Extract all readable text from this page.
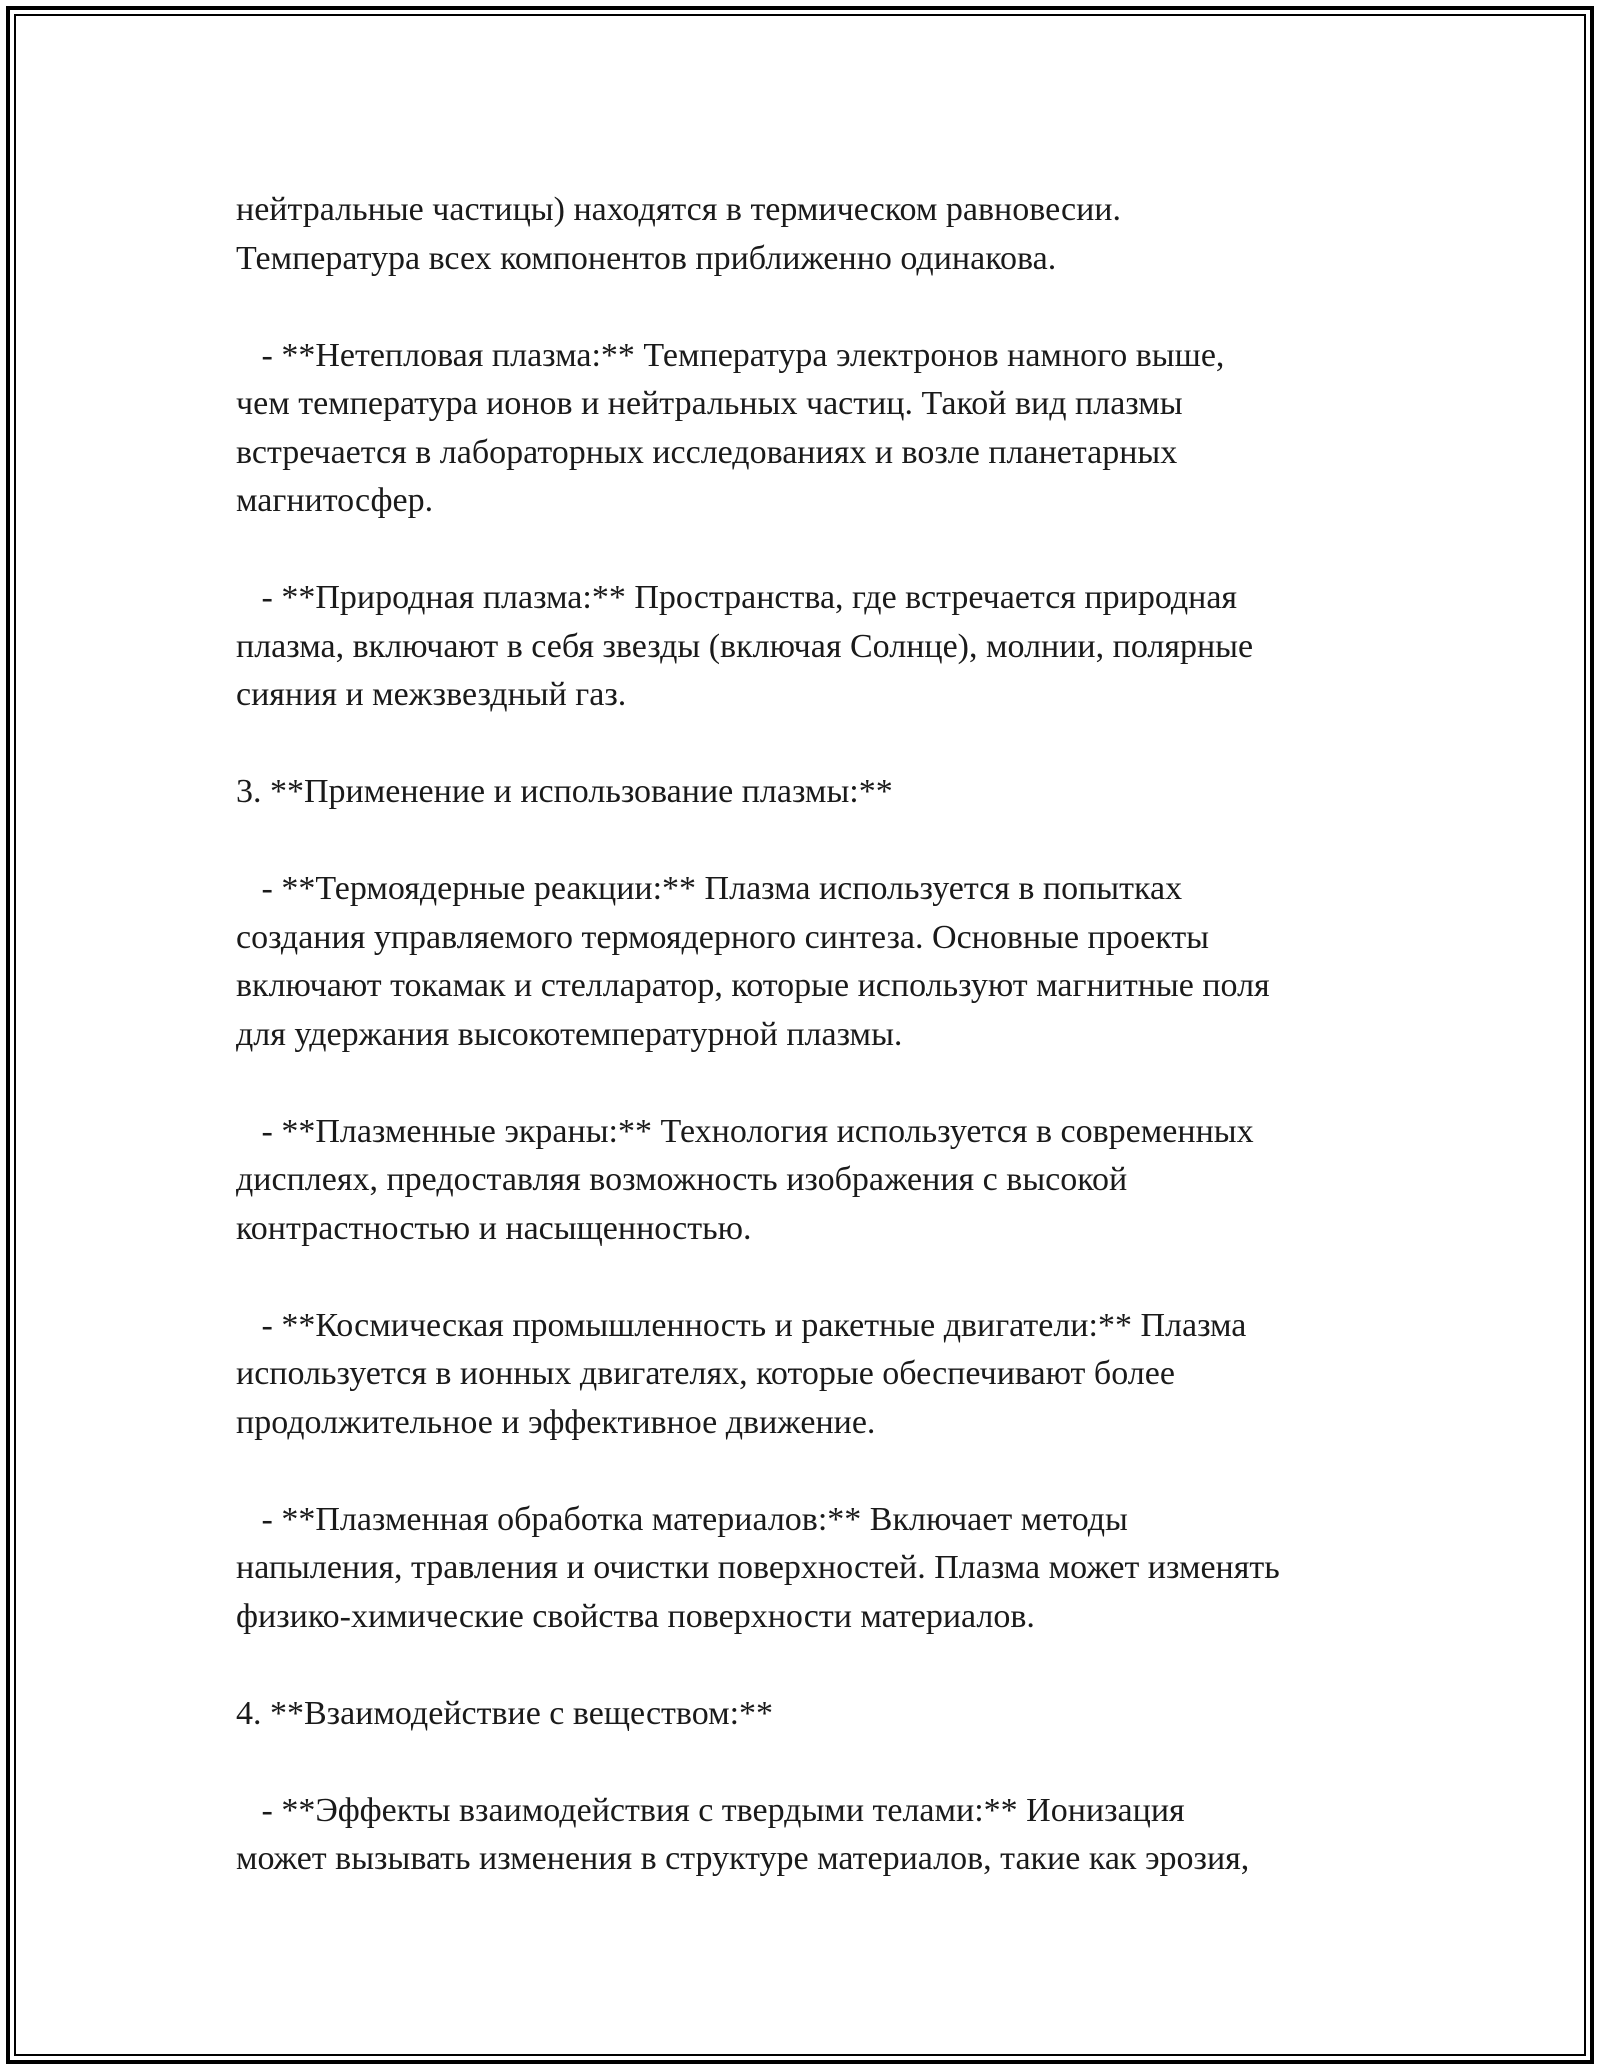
нейтральные частицы) находятся в термическом равновесии.
Температура всех компонентов приближенно одинакова.

- **Нетепловая плазма:** Температура электронов намного выше,
чем температура ионов и нейтральных частиц. Такой вид плазмы
встречается в лабораторных исследованиях и возле планетарных
магнитосфер.

- **Природная плазма:** Пространства, где встречается природная
плазма, включают в себя звезды (включая Солнце), молнии, полярные
сияния и межзвездный газ.

3. **Применение и использование плазмы:**

- **Термоядерные реакции:** Плазма используется в попытках
создания управляемого термоядерного синтеза. Основные проекты
включают токамак и стелларатор, которые используют магнитные поля
для удержания высокотемпературной плазмы.

- **Плазменные экраны:** Технология используется в современных
дисплеях, предоставляя возможность изображения с высокой
контрастностью и насыщенностью.

- **Космическая промышленность и ракетные двигатели:** Плазма
используется в ионных двигателях, которые обеспечивают более
продолжительное и эффективное движение.

- **Плазменная обработка материалов:** Включает методы
напыления, травления и очистки поверхностей. Плазма может изменять
физико-химические свойства поверхности материалов.

4. **Взаимодействие с веществом:**

- **Эффекты взаимодействия с твердыми телами:** Ионизация
может вызывать изменения в структуре материалов, такие как эрозия,
